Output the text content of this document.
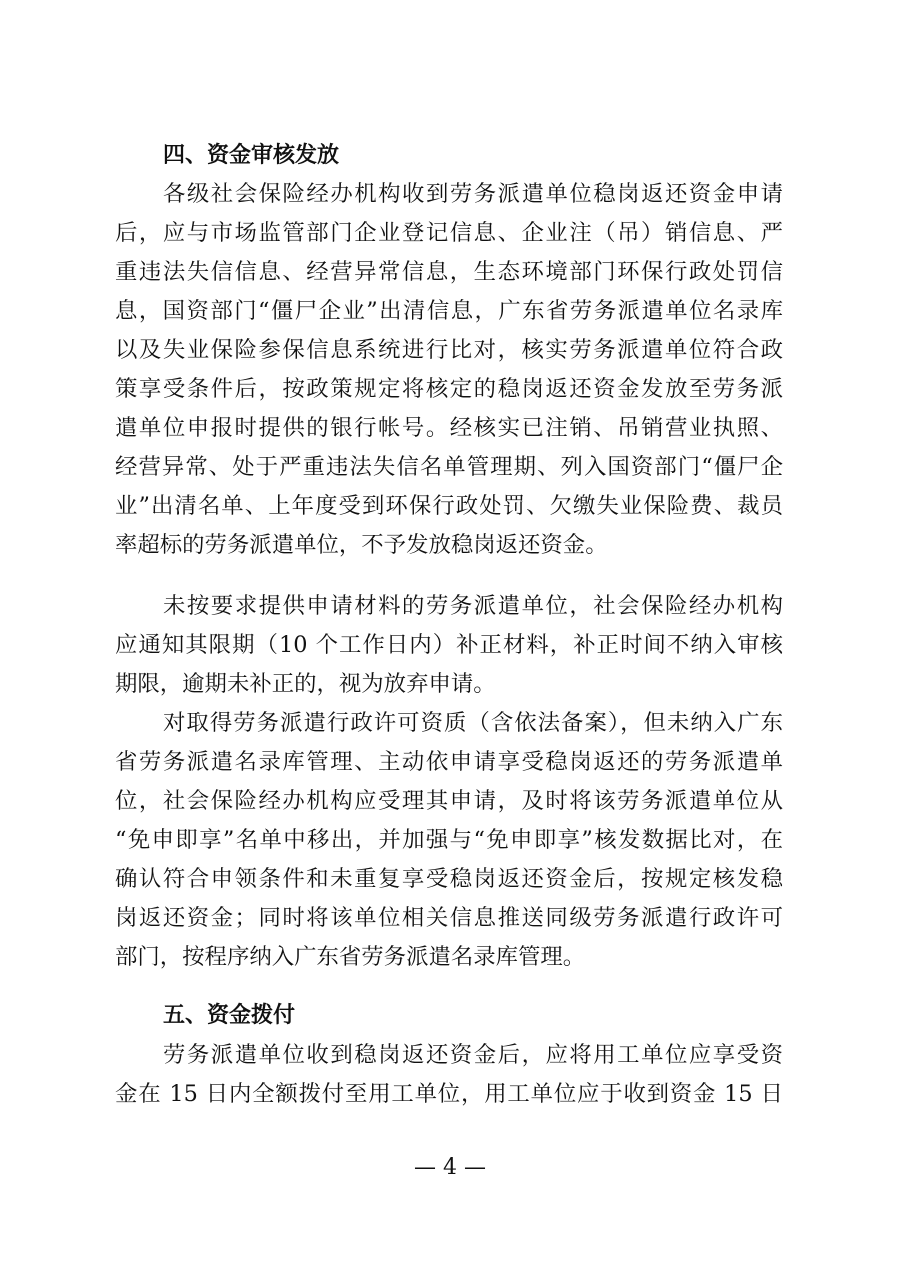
四、资金审核发放
各级社会保险经办机构收到劳务派遣单位稳岗返还资金申请
后，应与市场监管部门企业登记信息、企业注（吊）销信息、严
重违法失信信息、经营异常信息，生态环境部门环保行政处罚信
息，国资部门“僵尸企业”出清信息，广东省劳务派遣单位名录库
以及失业保险参保信息系统进行比对，核实劳务派遣单位符合政
策享受条件后，按政策规定将核定的稳岗返还资金发放至劳务派
遣单位申报时提供的银行帐号。经核实已注销、吊销营业执照、
经营异常、处于严重违法失信名单管理期、列入国资部门“僵尸企
业”出清名单、上年度受到环保行政处罚、欠缴失业保险费、裁员
率超标的劳务派遣单位，不予发放稳岗返还资金。
未按要求提供申请材料的劳务派遣单位，社会保险经办机构
应通知其限期（10 个工作日内）补正材料，补正时间不纳入审核
期限，逾期未补正的，视为放弃申请。
对取得劳务派遣行政许可资质（含依法备案），但未纳入广东
省劳务派遣名录库管理、主动依申请享受稳岗返还的劳务派遣单
位，社会保险经办机构应受理其申请，及时将该劳务派遣单位从
“免申即享”名单中移出，并加强与“免申即享”核发数据比对，在
确认符合申领条件和未重复享受稳岗返还资金后，按规定核发稳
岗返还资金；同时将该单位相关信息推送同级劳务派遣行政许可
部门，按程序纳入广东省劳务派遣名录库管理。
五、资金拨付
劳务派遣单位收到稳岗返还资金后，应将用工单位应享受资
金在 15 日内全额拨付至用工单位，用工单位应于收到资金 15 日
— 4 —
